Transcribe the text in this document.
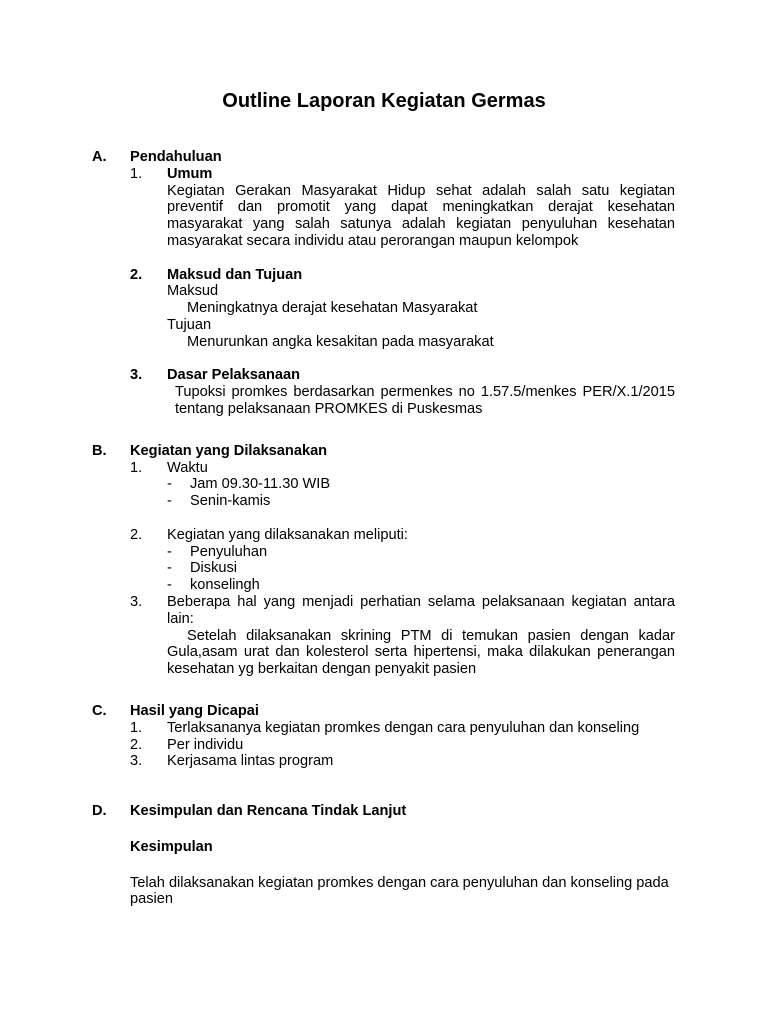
Outline Laporan Kegiatan Germas
A.	Pendahuluan
1.	Umum
Kegiatan Gerakan Masyarakat Hidup sehat adalah salah satu kegiatan preventif dan promotit yang dapat meningkatkan derajat kesehatan masyarakat yang salah satunya adalah kegiatan penyuluhan kesehatan masyarakat secara individu atau perorangan maupun kelompok
2.	Maksud dan Tujuan
Maksud
Meningkatnya derajat kesehatan Masyarakat
Tujuan
Menurunkan angka kesakitan pada masyarakat
3.	Dasar Pelaksanaan
Tupoksi promkes berdasarkan permenkes no 1.57.5/menkes PER/X.1/2015 tentang pelaksanaan PROMKES di Puskesmas
B.	Kegiatan yang Dilaksanakan
1.	Waktu
-	Jam 09.30-11.30 WIB
-	Senin-kamis
2.	Kegiatan yang dilaksanakan meliputi:
-	Penyuluhan
-	Diskusi
-	konselingh
3.	Beberapa hal yang menjadi perhatian selama pelaksanaan kegiatan antara lain:
Setelah dilaksanakan skrining PTM di temukan pasien dengan kadar Gula,asam urat dan kolesterol serta hipertensi, maka dilakukan penerangan kesehatan yg berkaitan dengan penyakit pasien
C.	Hasil yang Dicapai
1.	Terlaksananya kegiatan promkes dengan cara penyuluhan dan konseling
2.	Per individu
3.	Kerjasama lintas program
D.	Kesimpulan dan Rencana Tindak Lanjut
Kesimpulan
Telah dilaksanakan kegiatan promkes dengan cara penyuluhan dan konseling pada pasien
